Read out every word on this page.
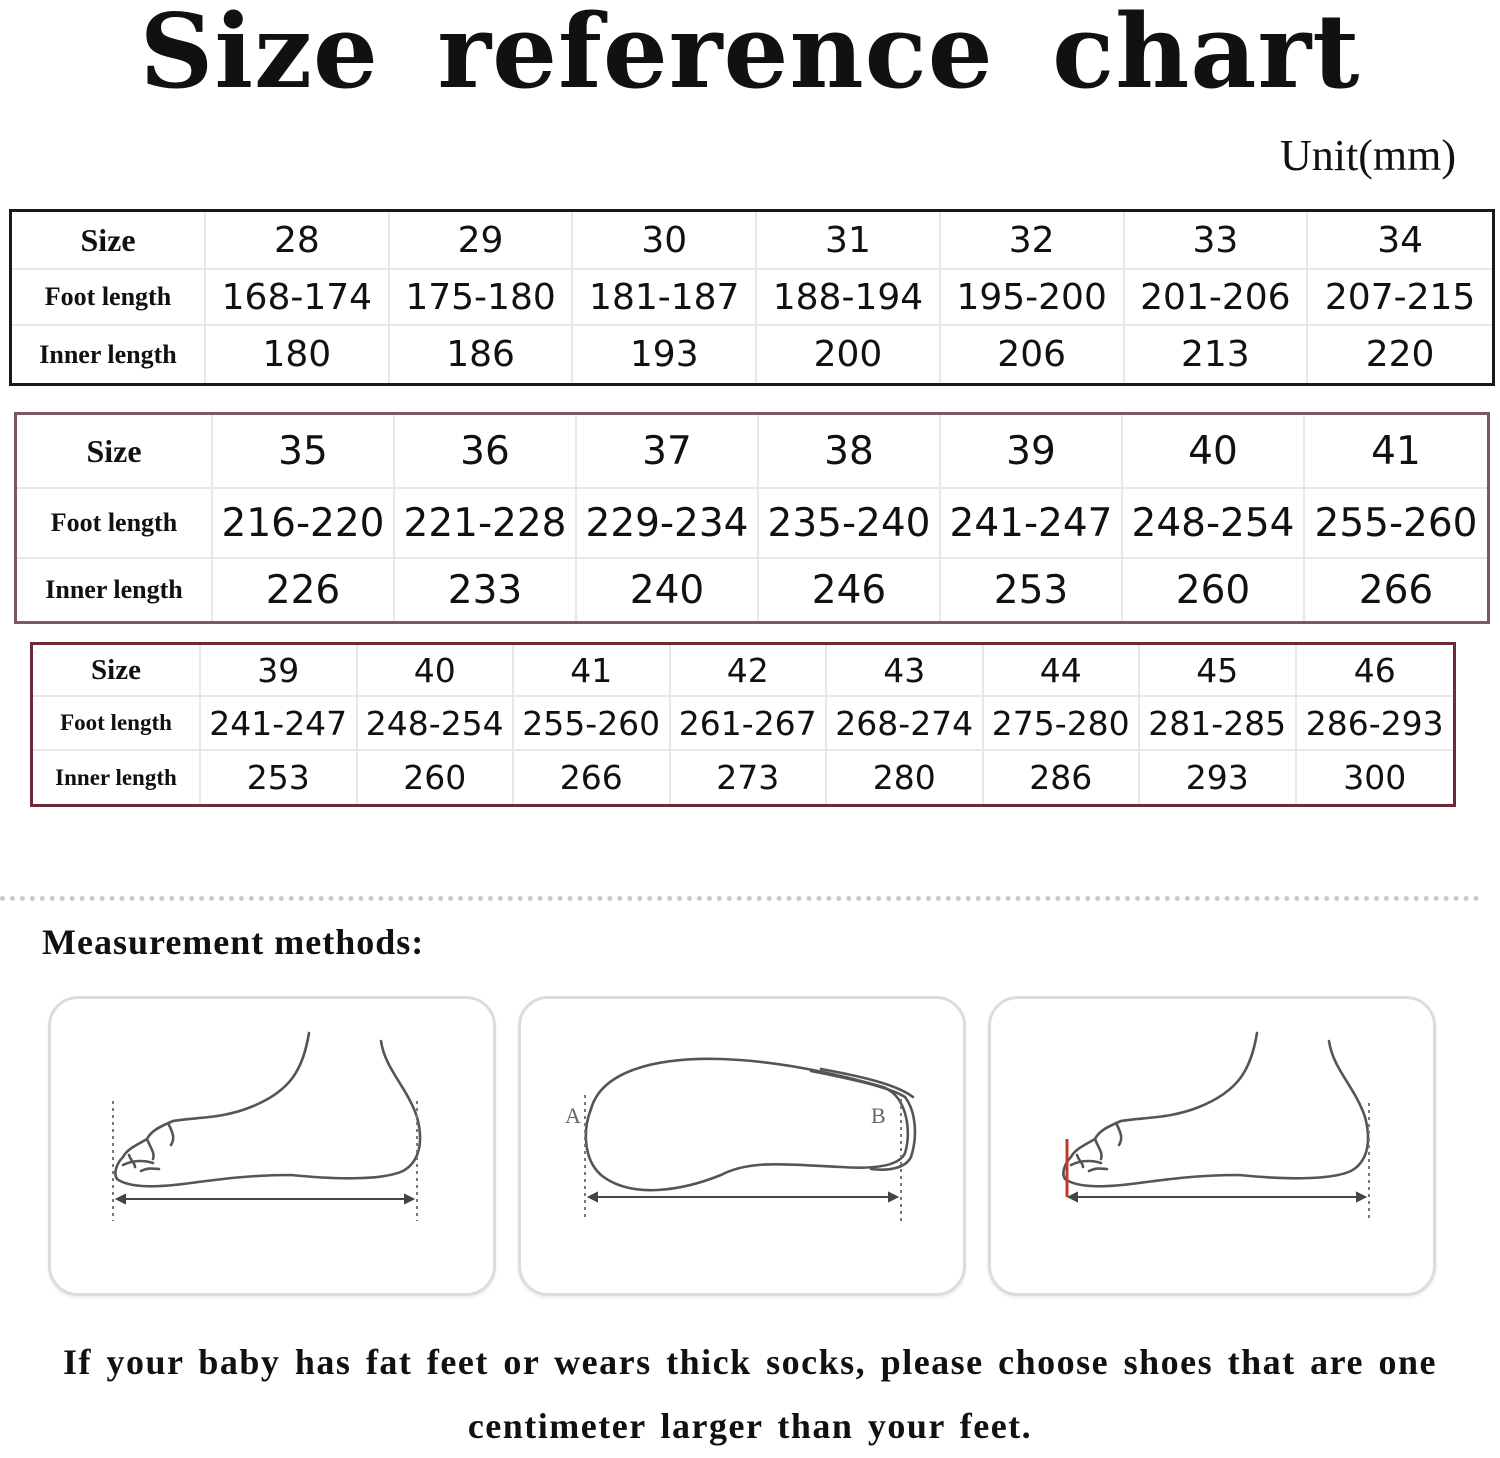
Size reference chart
Unit(mm)
Size	28	29	30	31	32	33	34
Foot length	168-174	175-180	181-187	188-194	195-200	201-206	207-215
Inner length	180	186	193	200	206	213	220
Size	35	36	37	38	39	40	41
Foot length	216-220	221-228	229-234	235-240	241-247	248-254	255-260
Inner length	226	233	240	246	253	260	266
Size	39	40	41	42	43	44	45	46
Foot length	241-247	248-254	255-260	261-267	268-274	275-280	281-285	286-293
Inner length	253	260	266	273	280	286	293	300
Measurement methods:
A	B
If your baby has fat feet or wears thick socks, please choose shoes that are one
centimeter larger than your feet.
